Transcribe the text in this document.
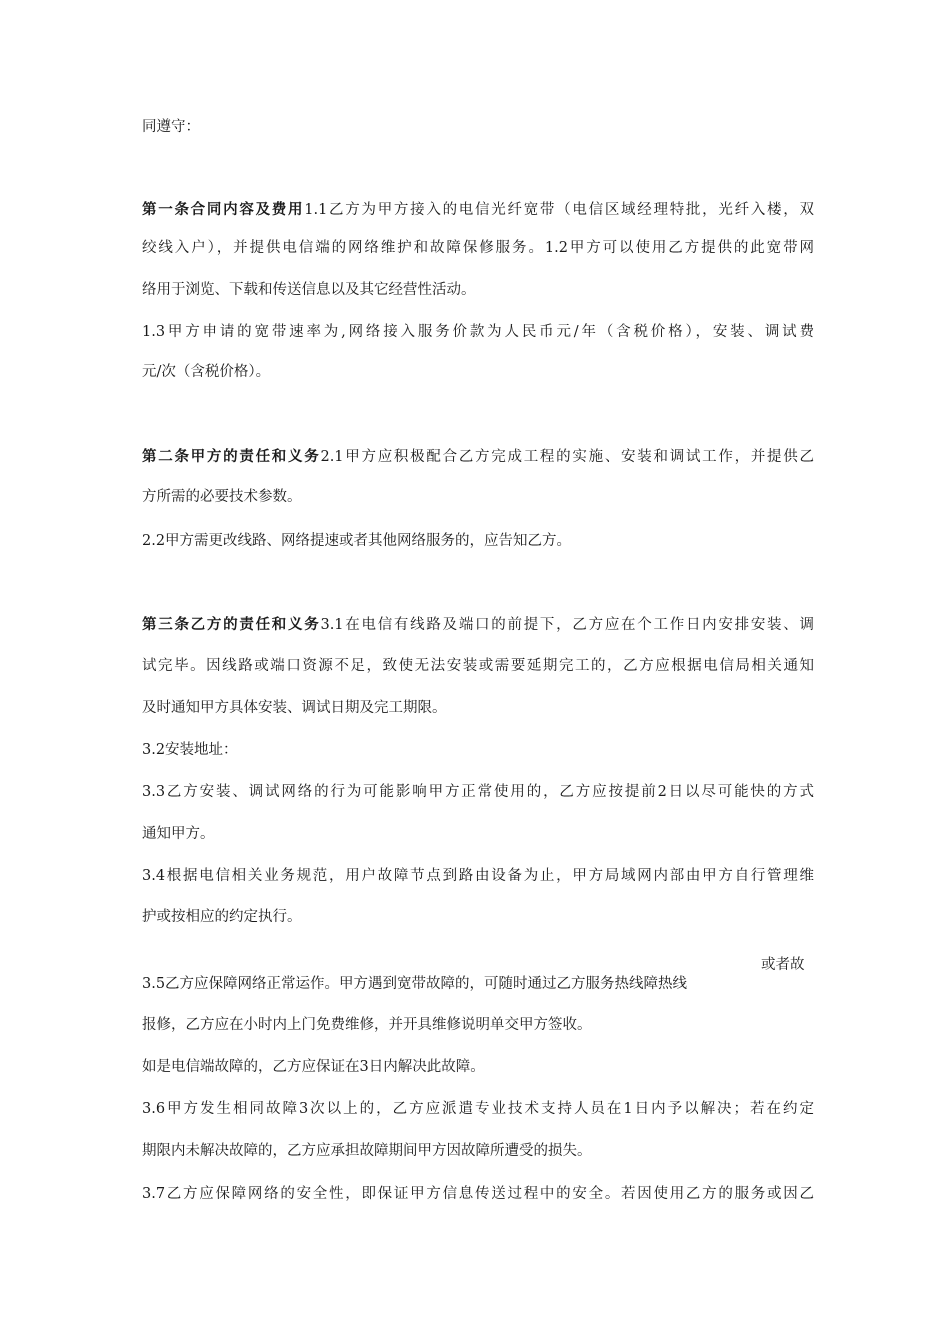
同遵守：
第一条合同内容及费用1.1乙方为甲方接入的电信光纤宽带（电信区域经理特批，光纤入楼，双
绞线入户），并提供电信端的网络维护和故障保修服务。1.2甲方可以使用乙方提供的此宽带网
络用于浏览、下载和传送信息以及其它经营性活动。
1.3甲方申请的宽带速率为,网络接入服务价款为人民币元/年（含税价格），安装、调试费
元/次（含税价格）。
第二条甲方的责任和义务2.1甲方应积极配合乙方完成工程的实施、安装和调试工作，并提供乙
方所需的必要技术参数。
2.2甲方需更改线路、网络提速或者其他网络服务的，应告知乙方。
第三条乙方的责任和义务3.1在电信有线路及端口的前提下，乙方应在个工作日内安排安装、调
试完毕。因线路或端口资源不足，致使无法安装或需要延期完工的，乙方应根据电信局相关通知
及时通知甲方具体安装、调试日期及完工期限。
3.2安装地址：
3.3乙方安装、调试网络的行为可能影响甲方正常使用的，乙方应按提前2日以尽可能快的方式
通知甲方。
3.4根据电信相关业务规范，用户故障节点到路由设备为止，甲方局域网内部由甲方自行管理维
护或按相应的约定执行。
或者故
3.5乙方应保障网络正常运作。甲方遇到宽带故障的，可随时通过乙方服务热线障热线
报修，乙方应在小时内上门免费维修，并开具维修说明单交甲方签收。
如是电信端故障的，乙方应保证在3日内解决此故障。
3.6甲方发生相同故障3次以上的，乙方应派遣专业技术支持人员在1日内予以解决；若在约定
期限内未解决故障的，乙方应承担故障期间甲方因故障所遭受的损失。
3.7乙方应保障网络的安全性，即保证甲方信息传送过程中的安全。若因使用乙方的服务或因乙
